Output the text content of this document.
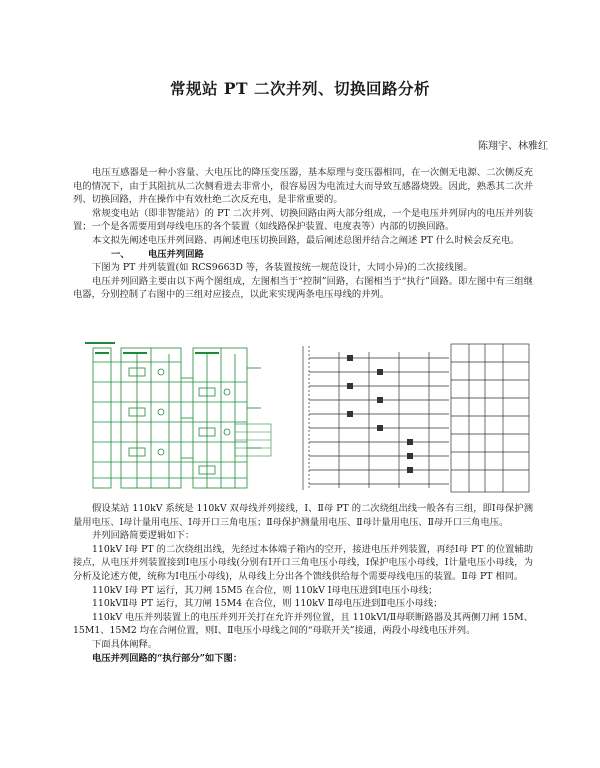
常规站 PT 二次并列、切换回路分析
陈翔宇、林雅红

电压互感器是一种小容量、大电压比的降压变压器，基本原理与变压器相同，在一次侧无电源、二次侧反充电的情况下，由于其阻抗从二次侧看进去非常小，很容易因为电流过大而导致互感器烧毁。因此，熟悉其二次并列、切换回路，并在操作中有效杜绝二次反充电，是非常重要的。

常规变电站（即非智能站）的 PT 二次并列、切换回路由两大部分组成，一个是电压并列屏内的电压并列装置；一个是各需要用到母线电压的各个装置（如线路保护装置、电度表等）内部的切换回路。

本文拟先阐述电压并列回路、再阐述电压切换回路，最后阐述总图并结合之阐述 PT 什么时候会反充电。

一、 电压并列回路

下图为 PT 并列装置(如 RCS9663D 等，各装置按统一规范设计，大同小异)的二次接线图。

电压并列回路主要由以下两个图组成，左图相当于“控制”回路，右图相当于“执行”回路。即左图中有三组继电器，分别控制了右图中的三组对应接点，以此来实现两条电压母线的并列。

假设某站 110kV 系统是 110kV 双母线并列接线，Ⅰ、Ⅱ母 PT 的二次绕组出线一般各有三组，即Ⅰ母保护测量用电压、Ⅰ母计量用电压、Ⅰ母开口三角电压；Ⅱ母保护测量用电压、Ⅱ母计量用电压、Ⅱ母开口三角电压。

并列回路简要逻辑如下：

110kV Ⅰ母 PT 的二次绕组出线，先经过本体端子箱内的空开，接进电压并列装置，再经Ⅰ母 PT 的位置辅助接点，从电压并列装置接到Ⅰ电压小母线(分别有Ⅰ开口三角电压小母线，Ⅰ保护电压小母线，Ⅰ计量电压小母线，为分析及论述方便，统称为Ⅰ电压小母线)，从母线上分出各个馈线供给每个需要母线电压的装置。Ⅱ母 PT 相同。

110kV Ⅰ母 PT 运行，其刀闸 15M5 在合位，则 110kV Ⅰ母电压进到Ⅰ电压小母线；

110kVⅡ母 PT 运行，其刀闸 15M4 在合位，则 110kV Ⅱ母电压进到Ⅱ电压小母线；

110kV 电压并列装置上的电压并列开关打在允许并列位置，且 110kVⅠ/Ⅱ母联断路器及其两侧刀闸 15M、15M1、15M2 均在合闸位置，则Ⅰ、Ⅱ电压小母线之间的“母联开关”接通，两段小母线电压并列。

下面具体阐释。

电压并列回路的“执行部分”如下图：
